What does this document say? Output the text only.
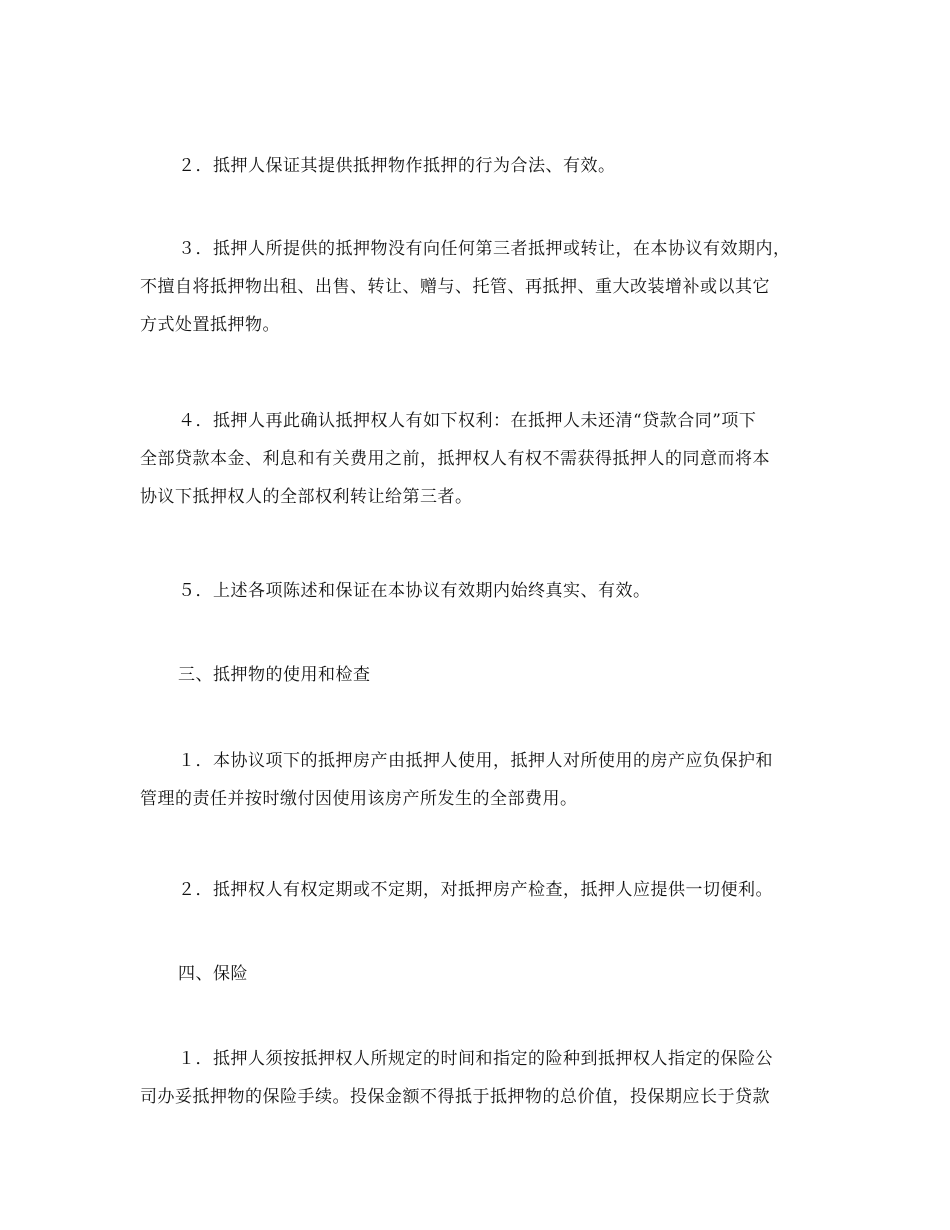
２．抵押人保证其提供抵押物作抵押的行为合法、有效。

３．抵押人所提供的抵押物没有向任何第三者抵押或转让，在本协议有效期内，
不擅自将抵押物出租、出售、转让、赠与、托管、再抵押、重大改装增补或以其它
方式处置抵押物。

４．抵押人再此确认抵押权人有如下权利：在抵押人未还清“贷款合同”项下
全部贷款本金、利息和有关费用之前，抵押权人有权不需获得抵押人的同意而将本
协议下抵押权人的全部权利转让给第三者。

５．上述各项陈述和保证在本协议有效期内始终真实、有效。

三、抵押物的使用和检查

１．本协议项下的抵押房产由抵押人使用，抵押人对所使用的房产应负保护和
管理的责任并按时缴付因使用该房产所发生的全部费用。

２．抵押权人有权定期或不定期，对抵押房产检查，抵押人应提供一切便利。

四、保险

１．抵押人须按抵押权人所规定的时间和指定的险种到抵押权人指定的保险公
司办妥抵押物的保险手续。投保金额不得抵于抵押物的总价值，投保期应长于贷款
